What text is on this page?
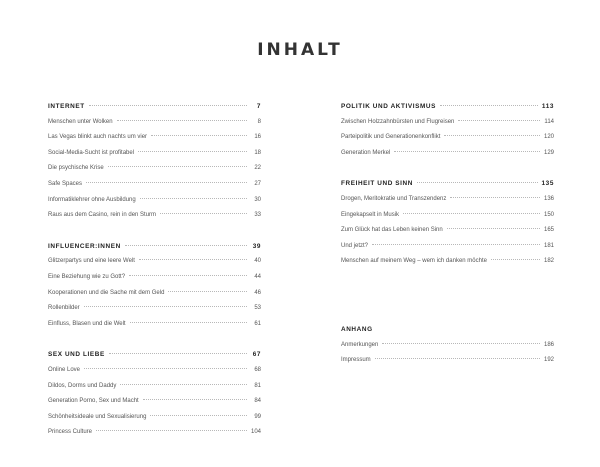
INHALT
INTERNET	7
Menschen unter Wolken	8
Las Vegas blinkt auch nachts um vier	16
Social-Media-Sucht ist profitabel	18
Die psychische Krise	22
Safe Spaces	27
Informatiklehrer ohne Ausbildung	30
Raus aus dem Casino, rein in den Sturm	33
INFLUENCER:INNEN	39
Glitzerpartys und eine leere Welt	40
Eine Beziehung wie zu Gott?	44
Kooperationen und die Sache mit dem Geld	46
Rollenbilder	53
Einfluss, Blasen und die Welt	61
SEX UND LIEBE	67
Online Love	68
Dildos, Dorms und Daddy	81
Generation Porno, Sex und Macht	84
Schönheitsideale und Sexualisierung	99
Princess Culture	104
POLITIK UND AKTIVISMUS	113
Zwischen Holzzahnbürsten und Flugreisen	114
Parteipolitik und Generationenkonflikt	120
Generation Merkel	129
FREIHEIT UND SINN	135
Drogen, Meritokratie und Transzendenz	136
Eingekapselt in Musik	150
Zum Glück hat das Leben keinen Sinn	165
Und jetzt?	181
Menschen auf meinem Weg – wem ich danken möchte	182
ANHANG
Anmerkungen	186
Impressum	192
